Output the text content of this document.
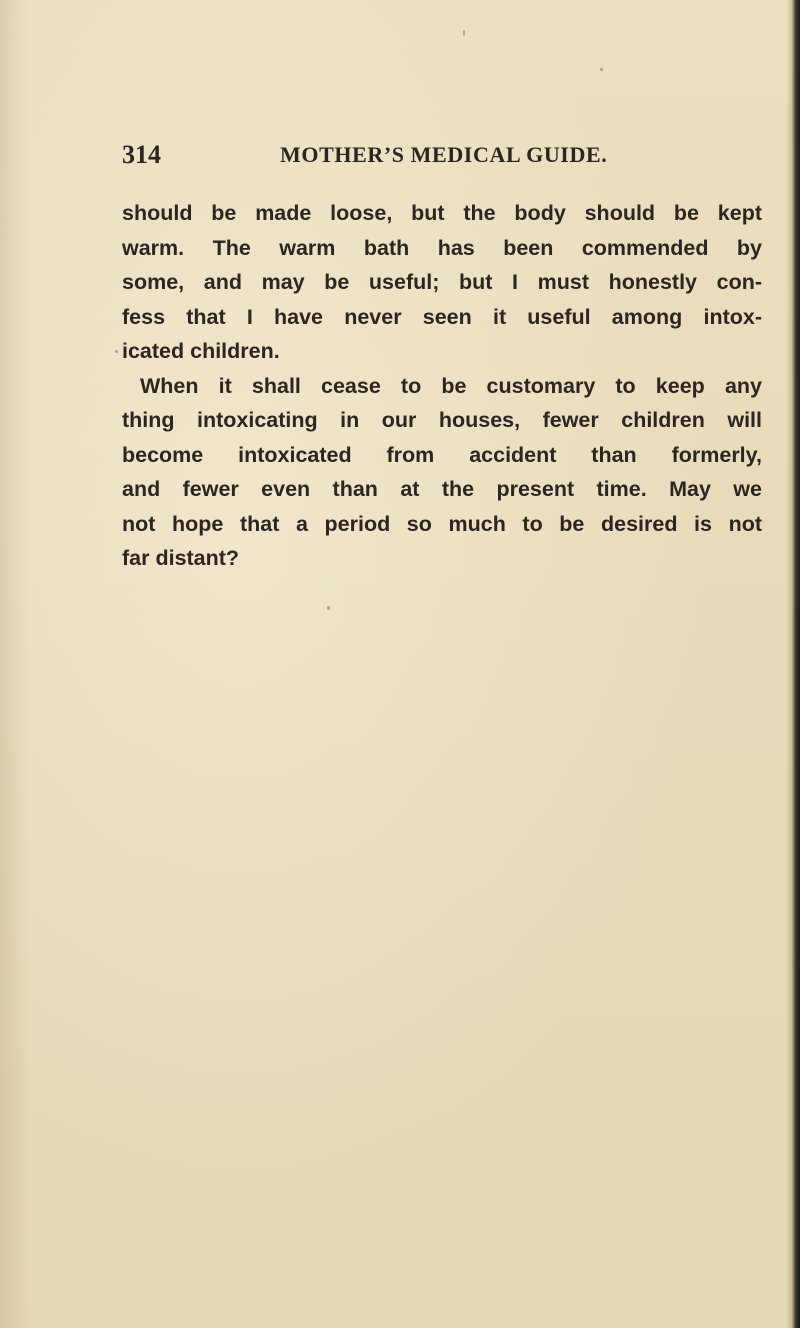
314	MOTHER’S MEDICAL GUIDE.
should be made loose, but the body should be kept
warm. The warm bath has been commended by
some, and may be useful; but I must honestly con-
fess that I have never seen it useful among intox-
icated children.
When it shall cease to be customary to keep any
thing intoxicating in our houses, fewer children will
become intoxicated from accident than formerly,
and fewer even than at the present time. May we
not hope that a period so much to be desired is not
far distant?
